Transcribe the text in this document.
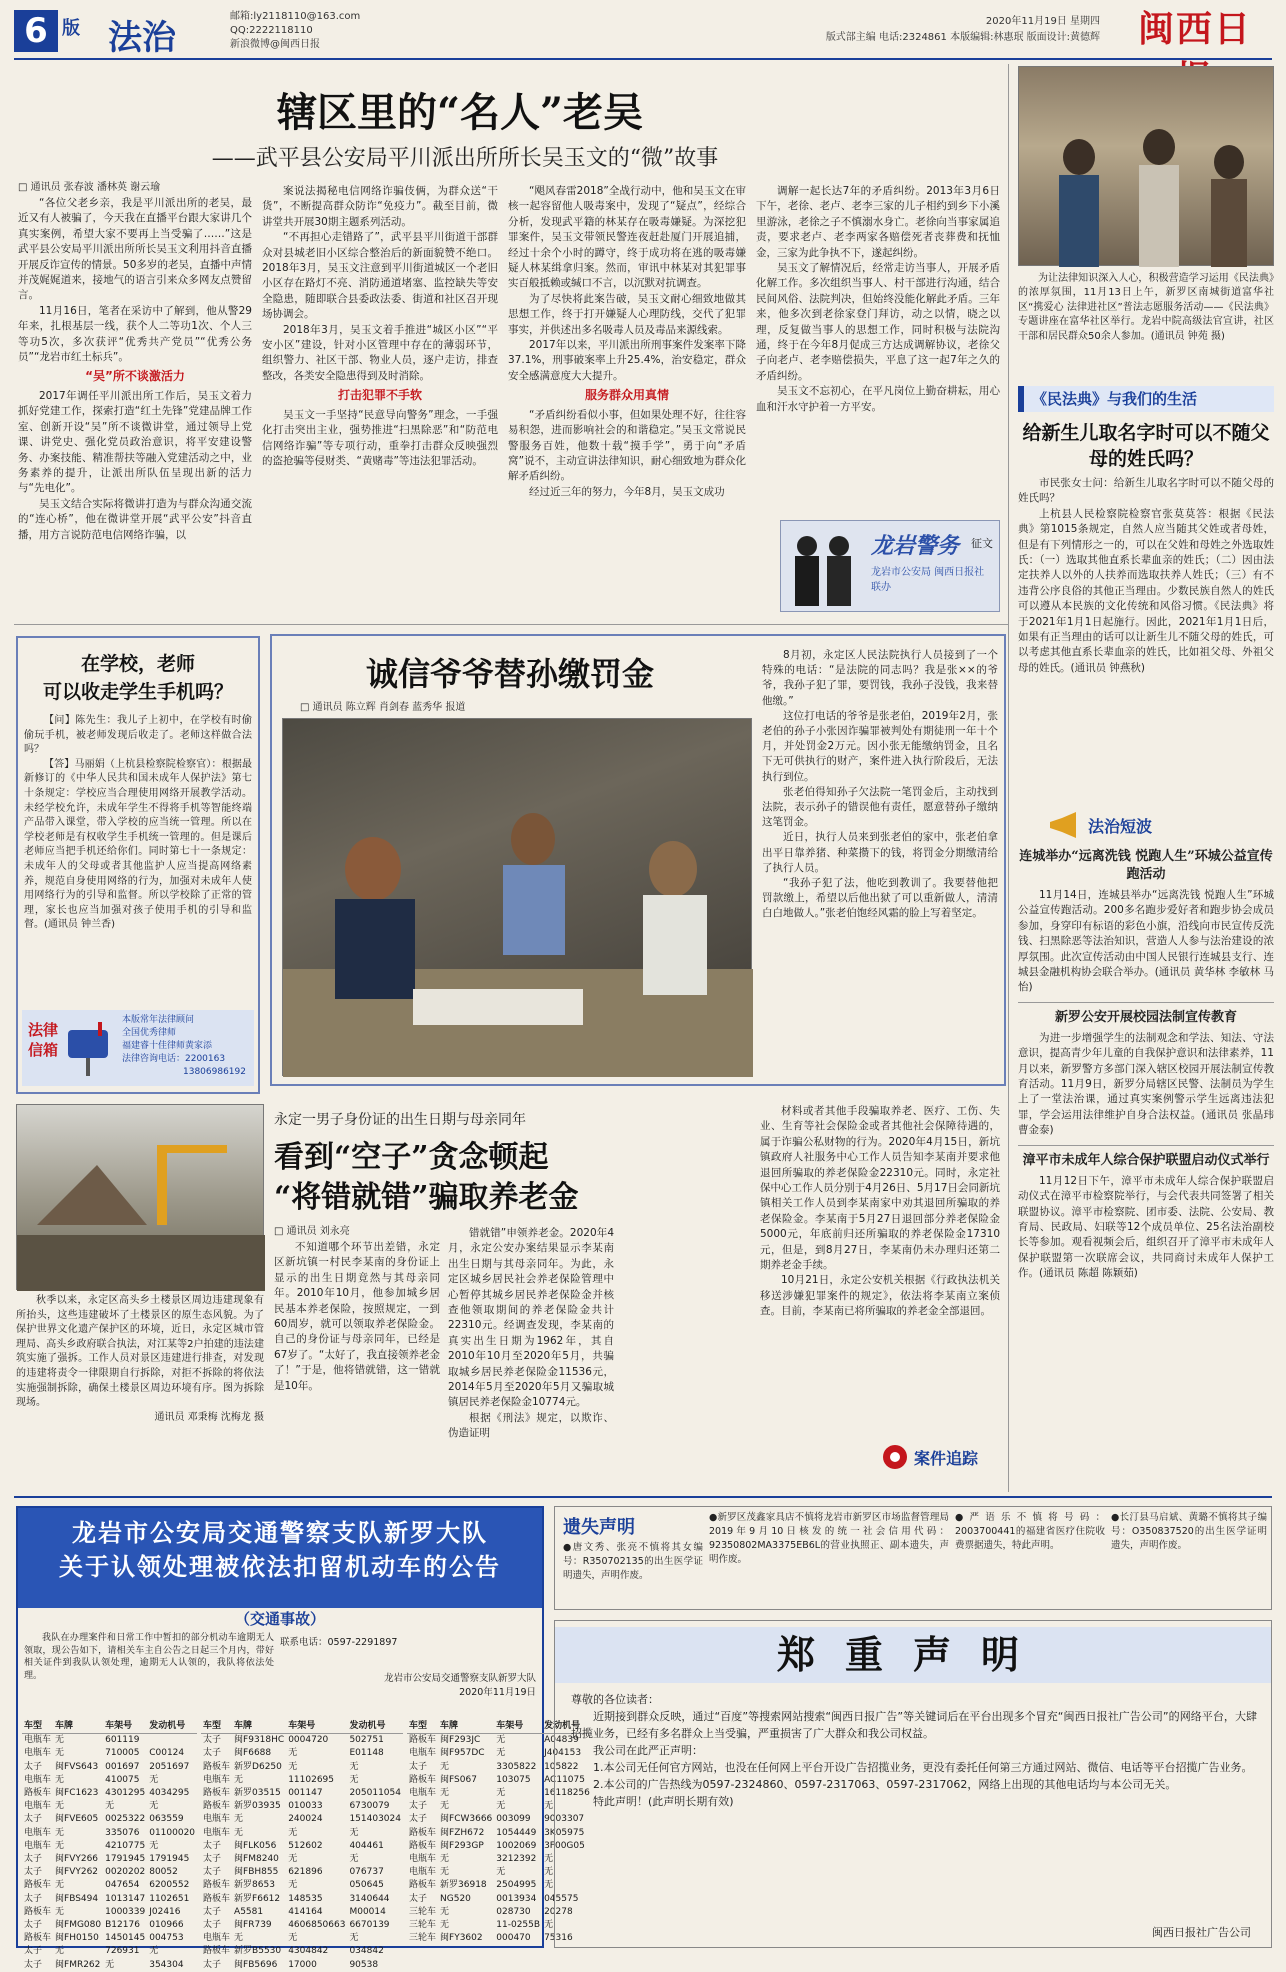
6 版 法治
邮箱:ly2118110@163.com
QQ:2222118110
新浪微博@闽西日报
2020年11月19日 星期四
版式部主编 电话:2324861 本版编辑:林惠珉 版面设计:黄德辉	闽西日
辖区里的“名人”老吴
——武平县公安局平川派出所所长吴玉文的“微”故事
□ 通讯员 张春波 潘林英 谢云瑜

“各位父老乡亲，我是平川派出所的老吴，最近又有人被骗了，今天我在直播平台跟大家讲几个真实案例，希望大家不要再上当受骗了……”这是武平县公安局平川派出所所长吴玉文利用抖音直播开展反诈宣传的情景。50多岁的老吴，直播中声情并茂娓娓道来，接地气的语言引来众多网友点赞留言。

11月16日，笔者在采访中了解到，他从警29年来，扎根基层一线，获个人二等功1次、个人三等功5次，多次获评“优秀共产党员”“优秀公务员”“龙岩市红土标兵”。

“吴”所不谈激活力

2017年调任平川派出所工作后，吴玉文着力抓好党建工作，探索打造“红土先锋”党建品牌工作室、创新开设“吴”所不谈微讲堂，通过领导上党课、讲党史、强化党员政治意识，将平安建设警务、办案技能、精准帮扶等融入党建活动之中，业务素养的提升，让派出所队伍呈现出新的活力与“先电化”。

吴玉文结合实际将微讲打造为与群众沟通交流的“连心桥”，他在微讲堂开展“武平公安”抖音直播，用方言说防范电信网络诈骗，以

案说法揭秘电信网络诈骗伎俩，为群众送“干货”，不断提高群众防诈“免疫力”。截至目前，微讲堂共开展30期主题系列活动。

“不再担心走错路了”，武平县平川街道干部群众对县城老旧小区综合整治后的新面貌赞不绝口。2018年3月，吴玉文注意到平川街道城区一个老旧小区存在路灯不亮、消防通道堵塞、监控缺失等安全隐患，随即联合县委政法委、街道和社区召开现场协调会。

2018年3月，吴玉文着手推进“城区小区”“平安小区”建设，针对小区管理中存在的薄弱环节，组织警力、社区干部、物业人员，逐户走访，排查整改，各类安全隐患得到及时消除。

打击犯罪不手软

吴玉文一手坚持“民意导向警务”理念，一手强化打击突出主业，强势推进“扫黑除恶”和“防范电信网络诈骗”等专项行动，重拳打击群众反映强烈的盗抢骗等侵财类、“黄赌毒”等违法犯罪活动。

“飓风春雷2018”全战行动中，他和吴玉文在审核一起容留他人吸毒案中，发现了“疑点”，经综合分析，发现武平籍的林某存在吸毒嫌疑。为深挖犯罪案件，吴玉文带领民警连夜赶赴厦门开展追捕，经过十余个小时的蹲守，终于成功将在逃的吸毒嫌疑人林某缉拿归案。然而，审讯中林某对其犯罪事实百般抵赖或缄口不言，以沉默对抗调查。

为了尽快将此案告破，吴玉文耐心细致地做其思想工作，终于打开嫌疑人心理防线，交代了犯罪事实，并供述出多名吸毒人员及毒品来源线索。

2017年以来，平川派出所刑事案件发案率下降37.1%，刑事破案率上升25.4%，治安稳定，群众安全感满意度大大提升。

服务群众用真情

“矛盾纠纷看似小事，但如果处理不好，往往容易积怨，进而影响社会的和谐稳定。”吴玉文常说民警服务百姓，他数十载“摸手学”，勇于向“矛盾窝”说不，主动宣讲法律知识，耐心细致地为群众化解矛盾纠纷。

经过近三年的努力，今年8月，吴玉文成功

调解一起长达7年的矛盾纠纷。2013年3月6日下午，老徐、老卢、老李三家的儿子相约到乡下小溪里游泳，老徐之子不慎溺水身亡。老徐向当事家属追责，要求老卢、老李两家各赔偿死者丧葬费和抚恤金，三家为此争执不下，遂起纠纷。

吴玉文了解情况后，经常走访当事人，开展矛盾化解工作。多次组织当事人、村干部进行沟通，结合民间风俗、法院判决，但始终没能化解此矛盾。三年来，他多次到老徐家登门拜访，动之以情，晓之以理，反复做当事人的思想工作，同时积极与法院沟通，终于在今年8月促成三方达成调解协议，老徐父子向老卢、老李赔偿损失，平息了这一起7年之久的矛盾纠纷。

吴玉文不忘初心，在平凡岗位上勤奋耕耘，用心血和汗水守护着一方平安。

龙岩警务 征文
龙岩市公安局 闽西日报社 联办

为让法律知识深入人心，积极营造学习运用《民法典》的浓厚氛围，11月13日上午，新罗区南城街道富华社区“携爱心 法律进社区”普法志愿服务活动——《民法典》专题讲座在富华社区举行。龙岩中院高级法官宣讲，社区干部和居民群众50余人参加。(通讯员 钟苑 摄)

《民法典》与我们的生活
给新生儿取名字时可以不随父母的姓氏吗？

市民张女士问：给新生儿取名字时可以不随父母的姓氏吗？

上杭县人民检察院检察官张莫莫答：根据《民法典》第1015条规定，自然人应当随其父姓或者母姓，但是有下列情形之一的，可以在父姓和母姓之外选取姓氏：（一）选取其他直系长辈血亲的姓氏；（二）因由法定扶养人以外的人扶养而选取扶养人姓氏；（三）有不违背公序良俗的其他正当理由。少数民族自然人的姓氏可以遵从本民族的文化传统和风俗习惯。《民法典》将于2021年1月1日起施行。因此，2021年1月1日后，如果有正当理由的话可以让新生儿不随父母的姓氏，可以考虑其他直系长辈血亲的姓氏，比如祖父母、外祖父母的姓氏。(通讯员 钟燕秋)

在学校，老师
可以收走学生手机吗？

【问】陈先生：我儿子上初中，在学校有时偷偷玩手机，被老师发现后收走了。老师这样做合法吗？

【答】马丽娟（上杭县检察院检察官）：根据最新修订的《中华人民共和国未成年人保护法》第七十条规定：学校应当合理使用网络开展教学活动。未经学校允许，未成年学生不得将手机等智能终端产品带入课堂，带入学校的应当统一管理。所以在学校老师是有权收学生手机统一管理的。但是课后老师应当把手机还给你们。同时第七十一条规定：未成年人的父母或者其他监护人应当提高网络素养，规范自身使用网络的行为，加强对未成年人使用网络行为的引导和监督。所以学校除了正常的管理，家长也应当加强对孩子使用手机的引导和监督。(通讯员 钟兰香)

法律信箱
本版常年法律顾问
全国优秀律师
福建睿十佳律师黄家添
法律咨询电话：2200163
13806986192
诚信爷爷替孙缴罚金
□ 通讯员 陈立辉 肖剑春 蓝秀华 报道

8月初，永定区人民法院执行人员接到了一个特殊的电话：“是法院的同志吗？我是张××的爷爷，我孙子犯了罪，要罚钱，我孙子没钱，我来替他缴。”

这位打电话的爷爷是张老伯，2019年2月，张老伯的孙子小张因诈骗罪被判处有期徒刑一年十个月，并处罚金2万元。因小张无能缴纳罚金，且名下无可供执行的财产，案件进入执行阶段后，无法执行到位。

张老伯得知孙子欠法院一笔罚金后，主动找到法院，表示孙子的错误他有责任，愿意替孙子缴纳这笔罚金。

近日，执行人员来到张老伯的家中，张老伯拿出平日靠养猪、种菜攒下的钱，将罚金分期缴清给了执行人员。

“我孙子犯了法，他吃到教训了。我要替他把罚款缴上，希望以后他出狱了可以重新做人，清清白白地做人。”张老伯饱经风霜的脸上写着坚定。

秋季以来，永定区高头乡土楼景区周边违建现象有所抬头，这些违建破坏了土楼景区的原生态风貌。为了保护世界文化遗产保护区的环境，近日，永定区城市管理局、高头乡政府联合执法，对江某等2户拍建的违法建筑实施了强拆。工作人员对景区违建进行排查，对发现的违建将责令一律限期自行拆除，对拒不拆除的将依法实施强制拆除，确保土楼景区周边环境有序。图为拆除现场。

通讯员 邓秉梅 沈梅龙 摄
永定一男子身份证的出生日期与母亲同年
看到“空子”贪念顿起
“将错就错”骗取养老金
□ 通讯员 刘永亮

不知道哪个环节出差错，永定区新坑镇一村民李某南的身份证上显示的出生日期竟然与其母亲同年。2010年10月，他参加城乡居民基本养老保险，按照规定，一到60周岁，就可以领取养老保险金。自己的身份证与母亲同年，已经是67岁了。“太好了，我直接领养老金了！”于是，他将错就错，这一错就是10年。

错就错”申领养老金。2020年4月，永定公安办案结果显示李某南出生日期与其母亲同年。为此，永定区城乡居民社会养老保险管理中心暂停其城乡居民养老保险金并核查他领取期间的养老保险金共计22310元。经调查发现，李某南的真实出生日期为1962年，其自2010年10月至2020年5月，共骗取城乡居民养老保险金11536元，2014年5月至2020年5月又骗取城镇居民养老保险金10774元。

根据《刑法》规定，以欺诈、伪造证明

材料或者其他手段骗取养老、医疗、工伤、失业、生育等社会保险金或者其他社会保障待遇的，属于诈骗公私财物的行为。2020年4月15日，新坑镇政府人社服务中心工作人员告知李某南并要求他退回所骗取的养老保险金22310元。同时，永定社保中心工作人员分别于4月26日、5月17日会同新坑镇相关工作人员到李某南家中劝其退回所骗取的养老保险金。李某南于5月27日退回部分养老保险金5000元，年底前归还所骗取的养老保险金17310元，但是，到8月27日，李某南仍未办理归还第二期养老金手续。

10月21日，永定公安机关根据《行政执法机关移送涉嫌犯罪案件的规定》，依法将李某南立案侦查。目前，李某南已将所骗取的养老金全部退回。

案件追踪
法治短波
连城举办“远离洗钱 悦跑人生”环城公益宣传跑活动

11月14日，连城县举办“远离洗钱 悦跑人生”环城公益宣传跑活动。200多名跑步爱好者和跑步协会成员参加，身穿印有标语的彩色小旗，沿线向市民宣传反洗钱、扫黑除恶等法治知识，营造人人参与法治建设的浓厚氛围。此次宣传活动由中国人民银行连城县支行、连城县金融机构协会联合举办。(通讯员 黄华林 李敏林 马怡)

新罗公安开展校园法制宣传教育

为进一步增强学生的法制观念和学法、知法、守法意识，提高青少年儿童的自我保护意识和法律素养，11月以来，新罗警方多部门深入辖区校园开展法制宣传教育活动。11月9日，新罗分局辖区民警、法制员为学生上了一堂法治课，通过真实案例警示学生远离违法犯罪，学会运用法律维护自身合法权益。(通讯员 张晶玮 曹金泰)

漳平市未成年人综合保护联盟启动仪式举行

11月12日下午，漳平市未成年人综合保护联盟启动仪式在漳平市检察院举行，与会代表共同签署了相关联盟协议。漳平市检察院、团市委、法院、公安局、教育局、民政局、妇联等12个成员单位、25名法治副校长等参加。观看视频会后，组织召开了漳平市未成年人保护联盟第一次联席会议，共同商讨未成年人保护工作。(通讯员 陈超 陈颖茹)

龙岩市公安局交通警察支队新罗大队
关于认领处理被依法扣留机动车的公告
（交通事故）

我队在办理案件和日常工作中暂扣的部分机动车逾期无人领取，现公告如下，请相关车主自公告之日起三个月内，带好相关证件到我队认领处理，逾期无人认领的，我队将依法处理。

联系电话：0597-2291897
龙岩市公安局交通警察支队新罗大队
2020年11月19日
车型	车牌	车架号	发动机号
电瓶车	无	601119	
电瓶车	无	710005	C00124
太子	闽FVS643	001697	2051697
电瓶车	无	410075	无
路板车	闽FC1623	4301295	4034295
电瓶车	无	无	无
太子	闽FVE605	0025322	063559
电瓶车	无	335076	01100020
电瓶车	无	4210775	无
太子	闽FVY266	1791945	1791945
太子	闽FVY262	0020202	80052
路板车	无	047654	6200552
太子	闽FBS494	1013147	1102651
路板车	无	1000339	J02416
太子	闽FMG080	B12176	010966
路板车	闽FH0150	1450145	004753
太子	无	726931	无
太子	闽FMR262	无	354304
车型	车牌	车架号	发动机号
太子	闽F9318HC	0004720	502751
太子	闽F6688	无	E01148
路板车	新罗D6250	无	无
电瓶车	无	11102695	无
路板车	新罗03515	001147	205011054
路板车	新罗03935	010033	6730079
电瓶车	无	240024	151403024
电瓶车	无	无	无
太子	闽FLK056	512602	404461
太子	闽FM8240	无	无
太子	闽FBH855	621896	076737
路板车	新罗8653	无	050645
路板车	新罗F6612	148535	3140644
太子	A5581	414164	M00014
太子	闽FR739	4606850663	6670139
电瓶车	无	无	无
路板车	新罗B5530	4304842	034842
太子	闽FB5696	17000	90538
车型	车牌	车架号	发动机号
路板车	闽F293JC	无	A04839
电瓶车	闽F957DC	无	J404153
太子	无	3305822	105822
路板车	闽FS067	103075	AC11075
电瓶车	无	无	16118256
太子	无	无	无
太子	闽FCW3666	003099	9003307
路板车	闽FZH672	1054449	3K05975
路板车	闽F293GP	1002069	3F00G05
电瓶车	无	3212392	无
电瓶车	无	无	无
路板车	新罗36918	2504995	无
太子	NG520	0013934	045575
三轮车	无	028730	20278
三轮车	无	11-0255B	无
三轮车	闽FY3602	000470	75316
遗失声明
●唐文秀、张亮不慎将其女编号：R350702135的出生医学证明遗失，声明作废。
●新罗区茂鑫家具店不慎将龙岩市新罗区市场监督管理局2019年9月10日核发的统一社会信用代码：92350802MA3375EB6L的营业执照正、副本遗失，声明作废。
●严语乐不慎将号码：2003700441的福建省医疗住院收费票据遗失，特此声明。
●长汀县马启斌、黄璐不慎将其子编号：O350837520的出生医学证明遗失，声明作废。
郑重声明
尊敬的各位读者：

近期接到群众反映，通过“百度”等搜索网站搜索“闽西日报广告”等关键词后在平台出现多个冒充“闽西日报社广告公司”的网络平台，大肆招揽业务，已经有多名群众上当受骗，严重损害了广大群众和我公司权益。

我公司在此严正声明：

1.本公司无任何官方网站，也没在任何网上平台开设广告招揽业务，更没有委托任何第三方通过网站、微信、电话等平台招揽广告业务。

2.本公司的广告热线为0597-2324860、0597-2317063、0597-2317062，网络上出现的其他电话均与本公司无关。

特此声明！(此声明长期有效)

闽西日报社广告公司
